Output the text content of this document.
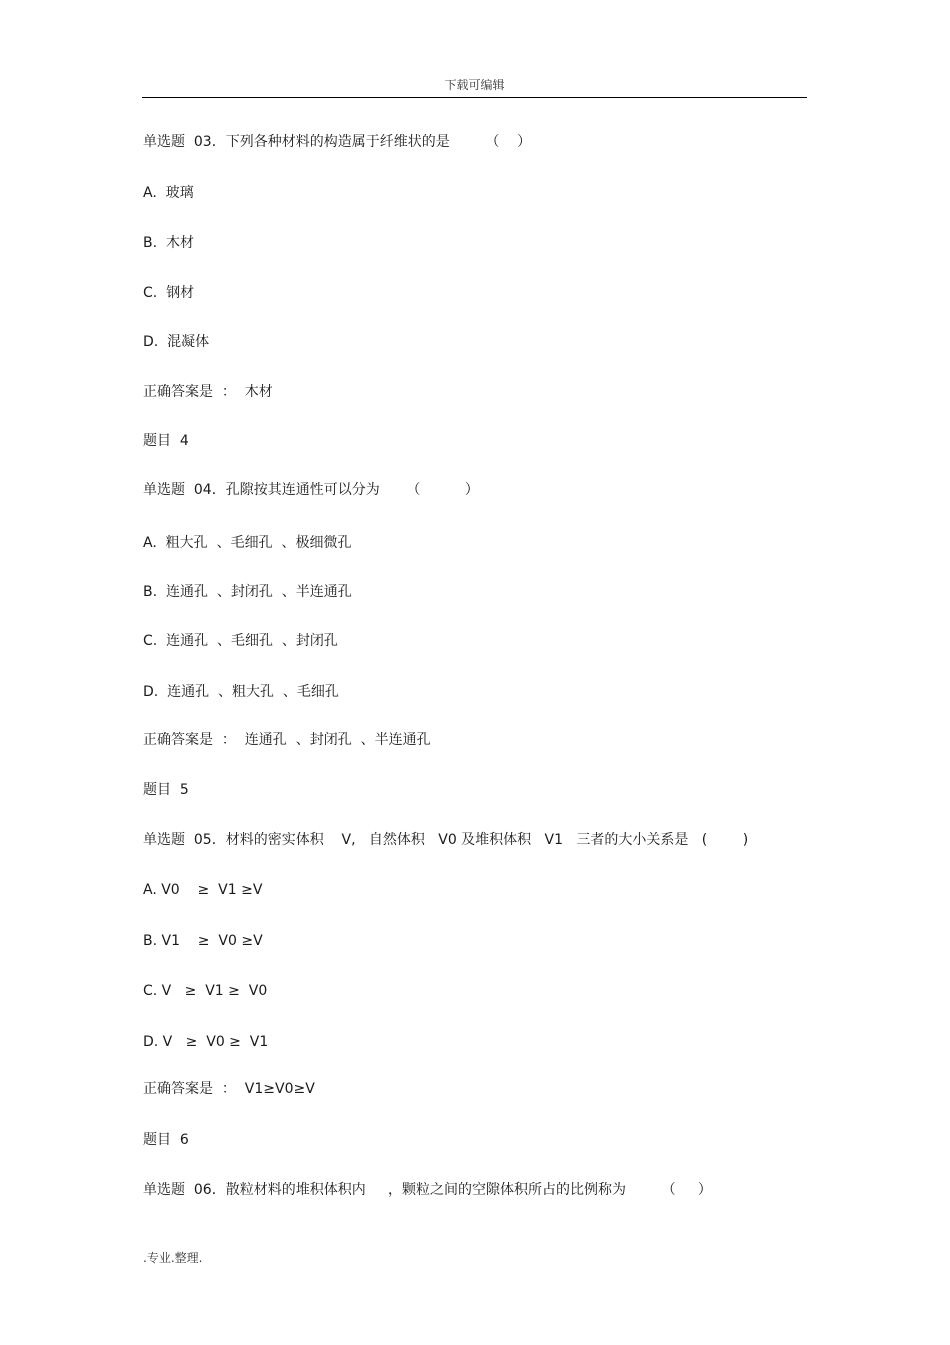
下载可编辑
单选题  03．下列各种材料的构造属于纤维状的是        （    ）
A.  玻璃
B.  木材
C.  钢材
D.  混凝体
正确答案是  ：  木材
题目  4
单选题  04．孔隙按其连通性可以分为      （          ）
A.  粗大孔  、毛细孔  、极细微孔
B.  连通孔  、封闭孔  、半连通孔
C.  连通孔  、毛细孔  、封闭孔
D.  连通孔  、粗大孔  、毛细孔
正确答案是  ：  连通孔  、封闭孔  、半连通孔
题目  5
单选题  05．材料的密实体积    V,   自然体积   V0 及堆积体积   V1   三者的大小关系是   (        )
A. V0    ≥  V1 ≥V
B. V1    ≥  V0 ≥V
C. V   ≥  V1 ≥  V0
D. V   ≥  V0 ≥  V1
正确答案是  ：  V1≥V0≥V
题目  6
单选题  06．散粒材料的堆积体积内     ，颗粒之间的空隙体积所占的比例称为        （     ）
.专业.整理.
